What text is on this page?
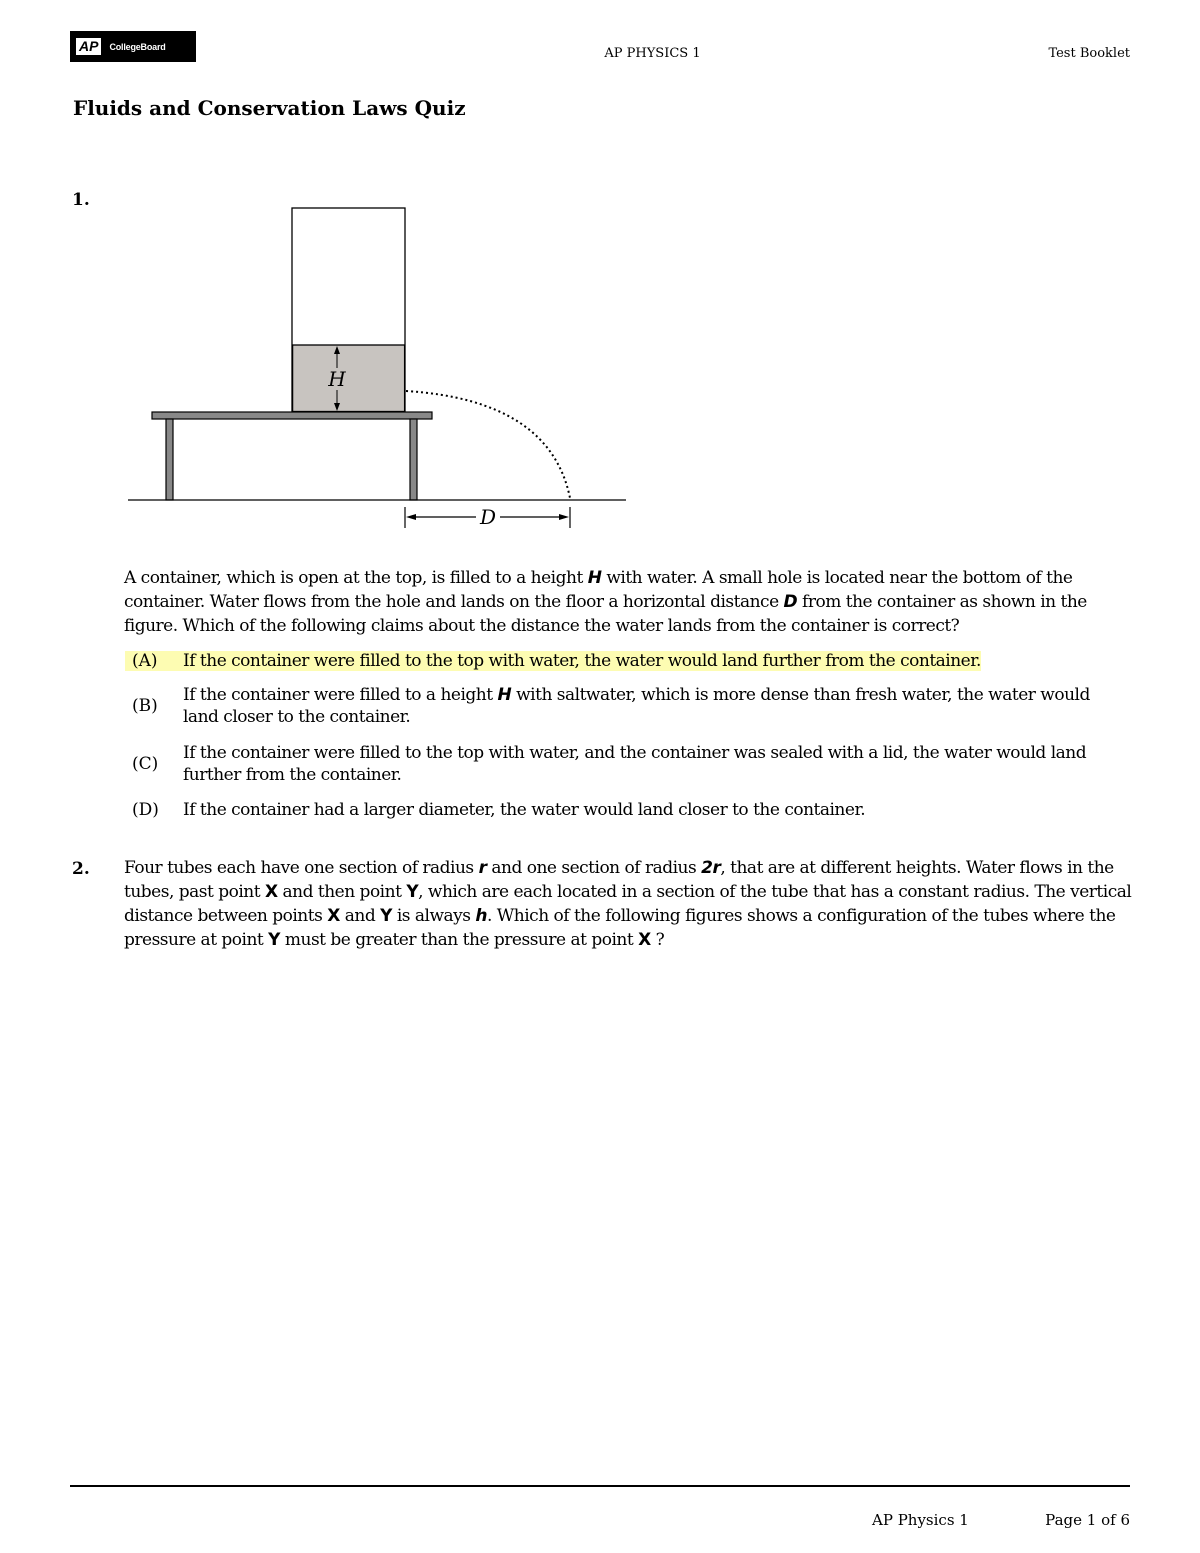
AP	CollegeBoard	AP PHYSICS 1	Test Booklet
Fluids and Conservation Laws Quiz
1.
H
D
A container, which is open at the top, is filled to a height H with water. A small hole is located near the bottom of the container. Water flows from the hole and lands on the floor a horizontal distance D from the container as shown in the figure. Which of the following claims about the distance the water lands from the container is correct?
(A)	If the container were filled to the top with water, the water would land further from the container.
(B)
If the container were filled to a height H with saltwater, which is more dense than fresh water, the water would land closer to the container.
(C)
If the container were filled to the top with water, and the container was sealed with a lid, the water would land further from the container.
(D)	If the container had a larger diameter, the water would land closer to the container.
2. Four tubes each have one section of radius r and one section of radius 2r, that are at different heights. Water flows in the tubes, past point X and then point Y, which are each located in a section of the tube that has a constant radius. The vertical distance between points X and Y is always h. Which of the following figures shows a configuration of the tubes where the pressure at point Y must be greater than the pressure at point X ?
AP Physics 1	Page 1 of 6
